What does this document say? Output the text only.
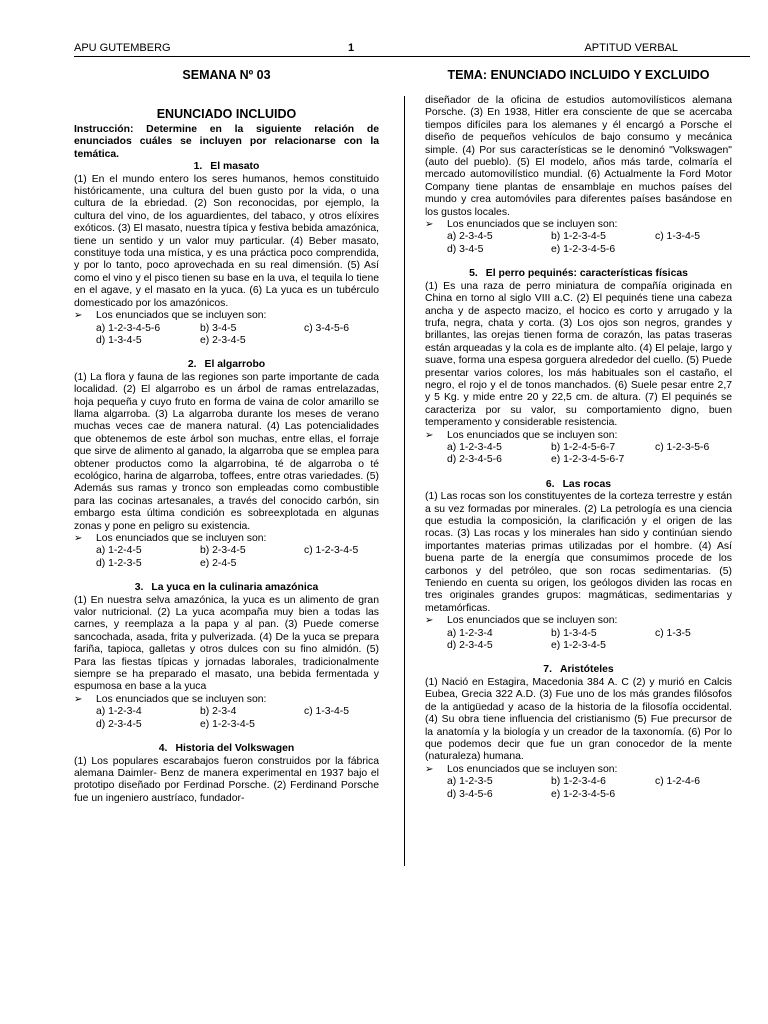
APU GUTEMBERG	1	APTITUD VERBAL
SEMANA Nº 03
ENUNCIADO INCLUIDO

Instrucción: Determine en la siguiente relación de enunciados cuáles se incluyen por relacionarse con la temática.

1. El masato

(1) En el mundo entero los seres humanos, hemos constituido históricamente, una cultura del buen gusto por la vida, o una cultura de la ebriedad. (2) Son reconocidas, por ejemplo, la cultura del vino, de los aguardientes, del tabaco, y otros elíxires exóticos. (3) El masato, nuestra típica y festiva bebida amazónica, tiene un sentido y un valor muy particular. (4) Beber masato, constituye toda una mística, y es una práctica poco comprendida, y por lo tanto, poco aprovechada en su real dimensión. (5) Así como el vino y el pisco tienen su base en la uva, el tequila lo tiene en el agave, y el masato en la yuca. (6) La yuca es un tubérculo domesticado por los amazónicos.

➢ Los enunciados que se incluyen son:

a) 1-2-3-4-5-6	b) 3-4-5	c) 3-4-5-6
d) 1-3-4-5	e) 2-3-4-5
2. El algarrobo

(1) La flora y fauna de las regiones son parte importante de cada localidad. (2) El algarrobo es un árbol de ramas entrelazadas, hoja pequeña y cuyo fruto en forma de vaina de color amarillo se llama algarroba. (3) La algarroba durante los meses de verano muchas veces cae de manera natural. (4) Las potencialidades que obtenemos de este árbol son muchas, entre ellas, el forraje que sirve de alimento al ganado, la algarroba que se emplea para obtener productos como la algarrobina, té de algarroba o té ecológico, harina de algarroba, toffees, entre otras variedades. (5) Además sus ramas y tronco son empleadas como combustible para las cocinas artesanales, a través del conocido carbón, sin embargo esta última condición es sobreexplotada en algunas zonas y pone en peligro su existencia.

➢ Los enunciados que se incluyen son:

a) 1-2-4-5	b) 2-3-4-5	c) 1-2-3-4-5
d) 1-2-3-5	e) 2-4-5
3. La yuca en la culinaria amazónica

(1) En nuestra selva amazónica, la yuca es un alimento de gran valor nutricional. (2) La yuca acompaña muy bien a todas las carnes, y reemplaza a la papa y al pan. (3) Puede comerse sancochada, asada, frita y pulverizada. (4) De la yuca se prepara fariña, tapioca, galletas y otros dulces con su fino almidón. (5) Para las fiestas típicas y jornadas laborales, tradicionalmente siempre se ha preparado el masato, una bebida fermentada y espumosa en base a la yuca

➢ Los enunciados que se incluyen son:

a) 1-2-3-4	b) 2-3-4	c) 1-3-4-5
d) 2-3-4-5	e) 1-2-3-4-5
4. Historia del Volkswagen

(1) Los populares escarabajos fueron construidos por la fábrica alemana Daimler- Benz de manera experimental en 1937 bajo el prototipo diseñado por Ferdinad Porsche. (2) Ferdinand Porsche fue un ingeniero austríaco, fundador-

TEMA: ENUNCIADO INCLUIDO Y EXCLUIDO

diseñador de la oficina de estudios automovilísticos alemana Porsche. (3) En 1938, Hitler era consciente de que se acercaba tiempos difíciles para los alemanes y él encargó a Porsche el diseño de pequeños vehículos de bajo consumo y mecánica simple. (4) Por sus características se le denominó "Volkswagen" (auto del pueblo). (5) El modelo, años más tarde, colmaría el mercado automovilístico mundial. (6) Actualmente la Ford Motor Company tiene plantas de ensamblaje en muchos países del mundo y crea automóviles para diferentes países basándose en los gustos locales.

➢ Los enunciados que se incluyen son:

a) 2-3-4-5	b) 1-2-3-4-5	c) 1-3-4-5
d) 3-4-5	e) 1-2-3-4-5-6
5. El perro pequinés: características físicas

(1) Es una raza de perro miniatura de compañía originada en China en torno al siglo VIII a.C. (2) El pequinés tiene una cabeza ancha y de aspecto macizo, el hocico es corto y arrugado y la trufa, negra, chata y corta. (3) Los ojos son negros, grandes y brillantes, las orejas tienen forma de corazón, las patas traseras están arqueadas y la cola es de implante alto. (4) El pelaje, largo y suave, forma una espesa gorguera alrededor del cuello. (5) Puede presentar varios colores, los más habituales son el castaño, el negro, el rojo y el de tonos manchados. (6) Suele pesar entre 2,7 y 5 Kg. y mide entre 20 y 22,5 cm. de altura. (7) El pequinés se caracteriza por su valor, su comportamiento digno, buen temperamento y considerable resistencia.

➢ Los enunciados que se incluyen son:

a) 1-2-3-4-5	b) 1-2-4-5-6-7	c) 1-2-3-5-6
d) 2-3-4-5-6	e) 1-2-3-4-5-6-7
6. Las rocas

(1) Las rocas son los constituyentes de la corteza terrestre y están a su vez formadas por minerales. (2) La petrología es una ciencia que estudia la composición, la clarificación y el origen de las rocas. (3) Las rocas y los minerales han sido y continúan siendo importantes materias primas utilizadas por el hombre. (4) Así buena parte de la energía que consumimos procede de los carbonos y del petróleo, que son rocas sedimentarias. (5) Teniendo en cuenta su origen, los geólogos dividen las rocas en tres originales grandes grupos: magmáticas, sedimentarias y metamórficas.

➢ Los enunciados que se incluyen son:

a) 1-2-3-4	b) 1-3-4-5	c) 1-3-5
d) 2-3-4-5	e) 1-2-3-4-5
7. Aristóteles

(1) Nació en Estagira, Macedonia 384 A. C (2) y murió en Calcis Eubea, Grecia 322 A.D. (3) Fue uno de los más grandes filósofos de la antigüedad y acaso de la historia de la filosofía occidental. (4) Su obra tiene influencia del cristianismo (5) Fue precursor de la anatomía y la biología y un creador de la taxonomía. (6) Por lo que podemos decir que fue un gran conocedor de la mente (naturaleza) humana.

➢ Los enunciados que se incluyen son:

a) 1-2-3-5	b) 1-2-3-4-6	c) 1-2-4-6
d) 3-4-5-6	e) 1-2-3-4-5-6
